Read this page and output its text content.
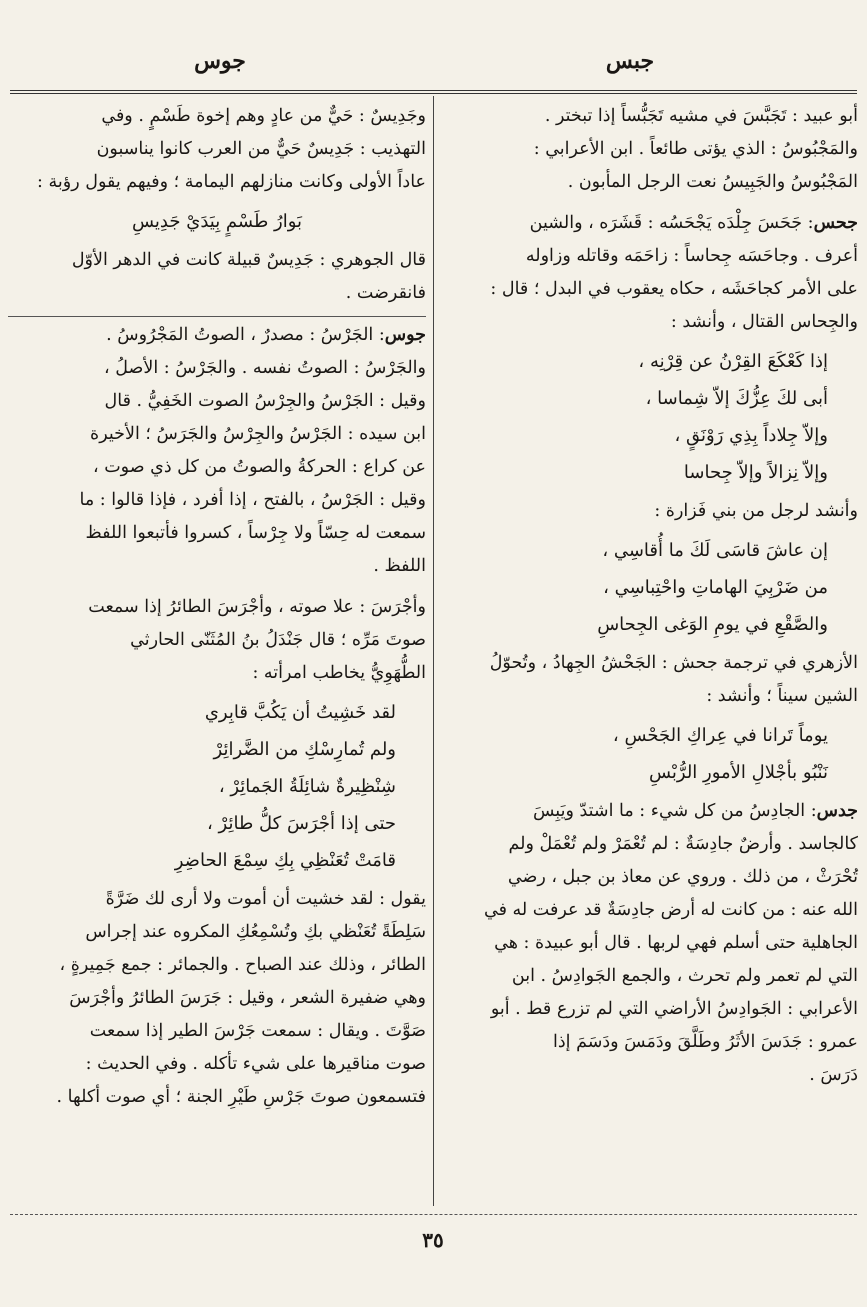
جبس
جوس

أبو عبيد : تَجَبَّسَ في مشيه تَجَبُّساً إذا تبختر .

والمَجْبُوسُ : الذي يؤتى طائعاً . ابن الأعرابي :

المَجْبُوسُ والجَبِيسُ نعت الرجل المأبون .

جحس: جَحَسَ جِلْدَه يَجْحَسُه : قَشَرَه ، والشين

أعرف . وجاحَسَه جِحاساً : زاحَمَه وقاتله وزاوله

على الأمر كجاحَشَه ، حكاه يعقوب في البدل ؛ قال :

والجِحاس القتال ، وأنشد :

إذا كَعْكَعَ القِرْنُ عن قِرْنِه ،
أبى لكَ عِزُّكَ إلاّ شِماسا ،
وإلاّ جِلاداً بِذِي رَوْنَقٍ ،
وإلاّ نِزالاً وإلاّ جِحاسا

وأنشد لرجل من بني فَزارة :

إن عاشَ قاسَى لَكَ ما أُقاسِي ،
من ضَرْبِيَ الهاماتِ واحْتِباسِي ،
والصَّقْعِ في يومِ الوَغى الجِحاسِ

الأزهري في ترجمة جحش : الجَحْشُ الجِهادُ ، وتُحوّلُ

الشين سيناً ؛ وأنشد :

يوماً تَرانا في عِراكِ الجَحْسِ ،
نَنْبُو بأجْلالِ الأمورِ الرُّبْسِ

جدس: الجادِسُ من كل شيء : ما اشتدّ ويَبِسَ

كالجاسد . وأرضٌ جادِسَةٌ : لم تُعْمَرْ ولم تُعْمَلْ ولم

تُحْرَثْ ، من ذلك . وروي عن معاذ بن جبل ، رضي

الله عنه : من كانت له أرض جادِسَةٌ قد عرفت له في

الجاهلية حتى أسلم فهي لربها . قال أبو عبيدة : هي

التي لم تعمر ولم تحرث ، والجمع الجَوادِسُ . ابن

الأعرابي : الجَوادِسُ الأراضي التي لم تزرع قط . أبو

عمرو : جَدَسَ الأثَرُ وطَلَّقَ ودَمَسَ ودَسَمَ إذا

دَرَسَ .

وجَدِيسٌ : حَيٌّ من عادٍ وهم إخوة طَسْمٍ . وفي

التهذيب : جَدِيسٌ حَيٌّ من العرب كانوا يناسبون

عاداً الأولى وكانت منازلهم اليمامة ؛ وفيهم يقول رؤبة :

بَوارُ طَسْمٍ بِيَدَيْ جَدِيسِ

قال الجوهري : جَدِيسٌ قبيلة كانت في الدهر الأوّل

فانقرضت .

جوس: الجَرْسُ : مصدرٌ ، الصوتُ المَجْرُوسُ .

والجَرْسُ : الصوتُ نفسه . والجَرْسُ : الأصلُ ،

وقيل : الجَرْسُ والجِرْسُ الصوت الخَفِيُّ . قال

ابن سيده : الجَرْسُ والجِرْسُ والجَرَسُ ؛ الأخيرة

عن كراع : الحركةُ والصوتُ من كل ذي صوت ،

وقيل : الجَرْسُ ، بالفتح ، إذا أفرد ، فإذا قالوا : ما

سمعت له حِسّاً ولا جِرْساً ، كسروا فأتبعوا اللفظ

اللفظ .

وأجْرَسَ : علا صوته ، وأجْرَسَ الطائرُ إذا سمعت

صوتَ مَرِّه ؛ قال جَنْدَلُ بنُ المُثَنّى الحارثي

الطُّهَوِيُّ يخاطب امرأته :

لقد خَشِيتُ أن يَكُبَّ قابِري
ولم تُمارِسْكِ من الضَّرائِرْ
شِنْظِيرةٌ شائِلَةُ الجَمائِرْ ،
حتى إذا أجْرَسَ كلُّ طائِرْ ،
قامَتْ تُعَنْظِي بِكِ سِمْعَ الحاضِرِ

يقول : لقد خشيت أن أموت ولا أرى لك ضَرَّةً

سَلِطَةً تُعَنْظي بكِ وتُسْمِعُكِ المكروه عند إجراس

الطائر ، وذلك عند الصباح . والجمائر : جمع جَمِيرةٍ ،

وهي ضفيرة الشعر ، وقيل : جَرَسَ الطائرُ وأجْرَسَ

صَوَّتَ . ويقال : سمعت جَرْسَ الطير إذا سمعت

صوت مناقيرها على شيء تأكله . وفي الحديث :

فتسمعون صوتَ جَرْسِ طَيْرِ الجنة ؛ أي صوت أكلها .

٣٥
